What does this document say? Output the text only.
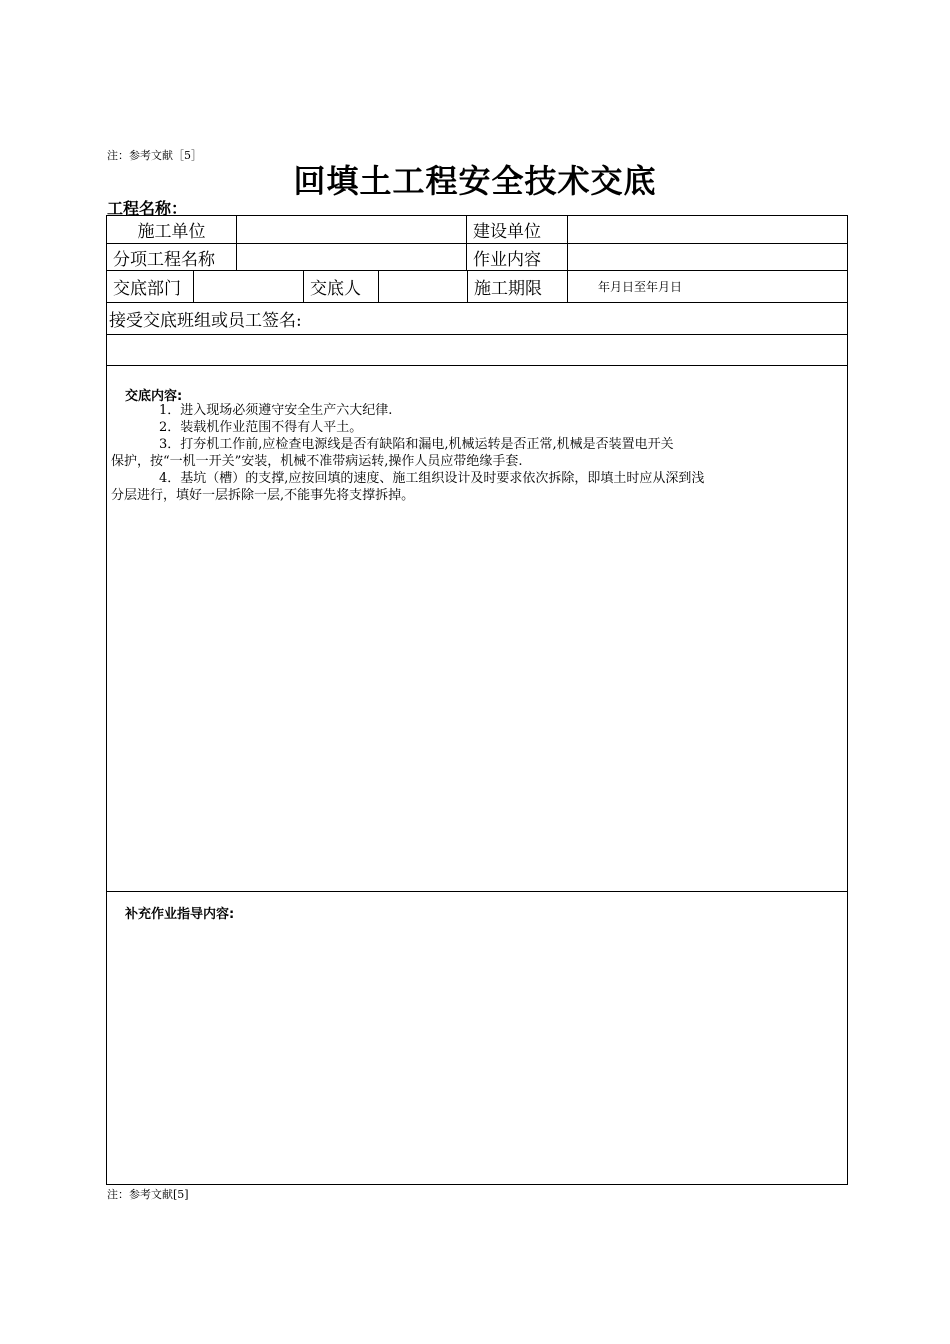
注：参考文献［5］
回填土工程安全技术交底
工程名称：
施工单位	建设单位
分项工程名称	作业内容
交底部门	交底人	施工期限	年月日至年月日
接受交底班组或员工签名:
交底内容:

1．进入现场必须遵守安全生产六大纪律.

2．装载机作业范围不得有人平土。

3．打夯机工作前,应检查电源线是否有缺陷和漏电,机械运转是否正常,机械是否装置电开关

保护，按“一机一开关”安装，机械不准带病运转,操作人员应带绝缘手套.

4．基坑（槽）的支撑,应按回填的速度、施工组织设计及时要求依次拆除，即填土时应从深到浅

分层进行，填好一层拆除一层,不能事先将支撑拆掉。

补充作业指导内容:
注：参考文献[5]
